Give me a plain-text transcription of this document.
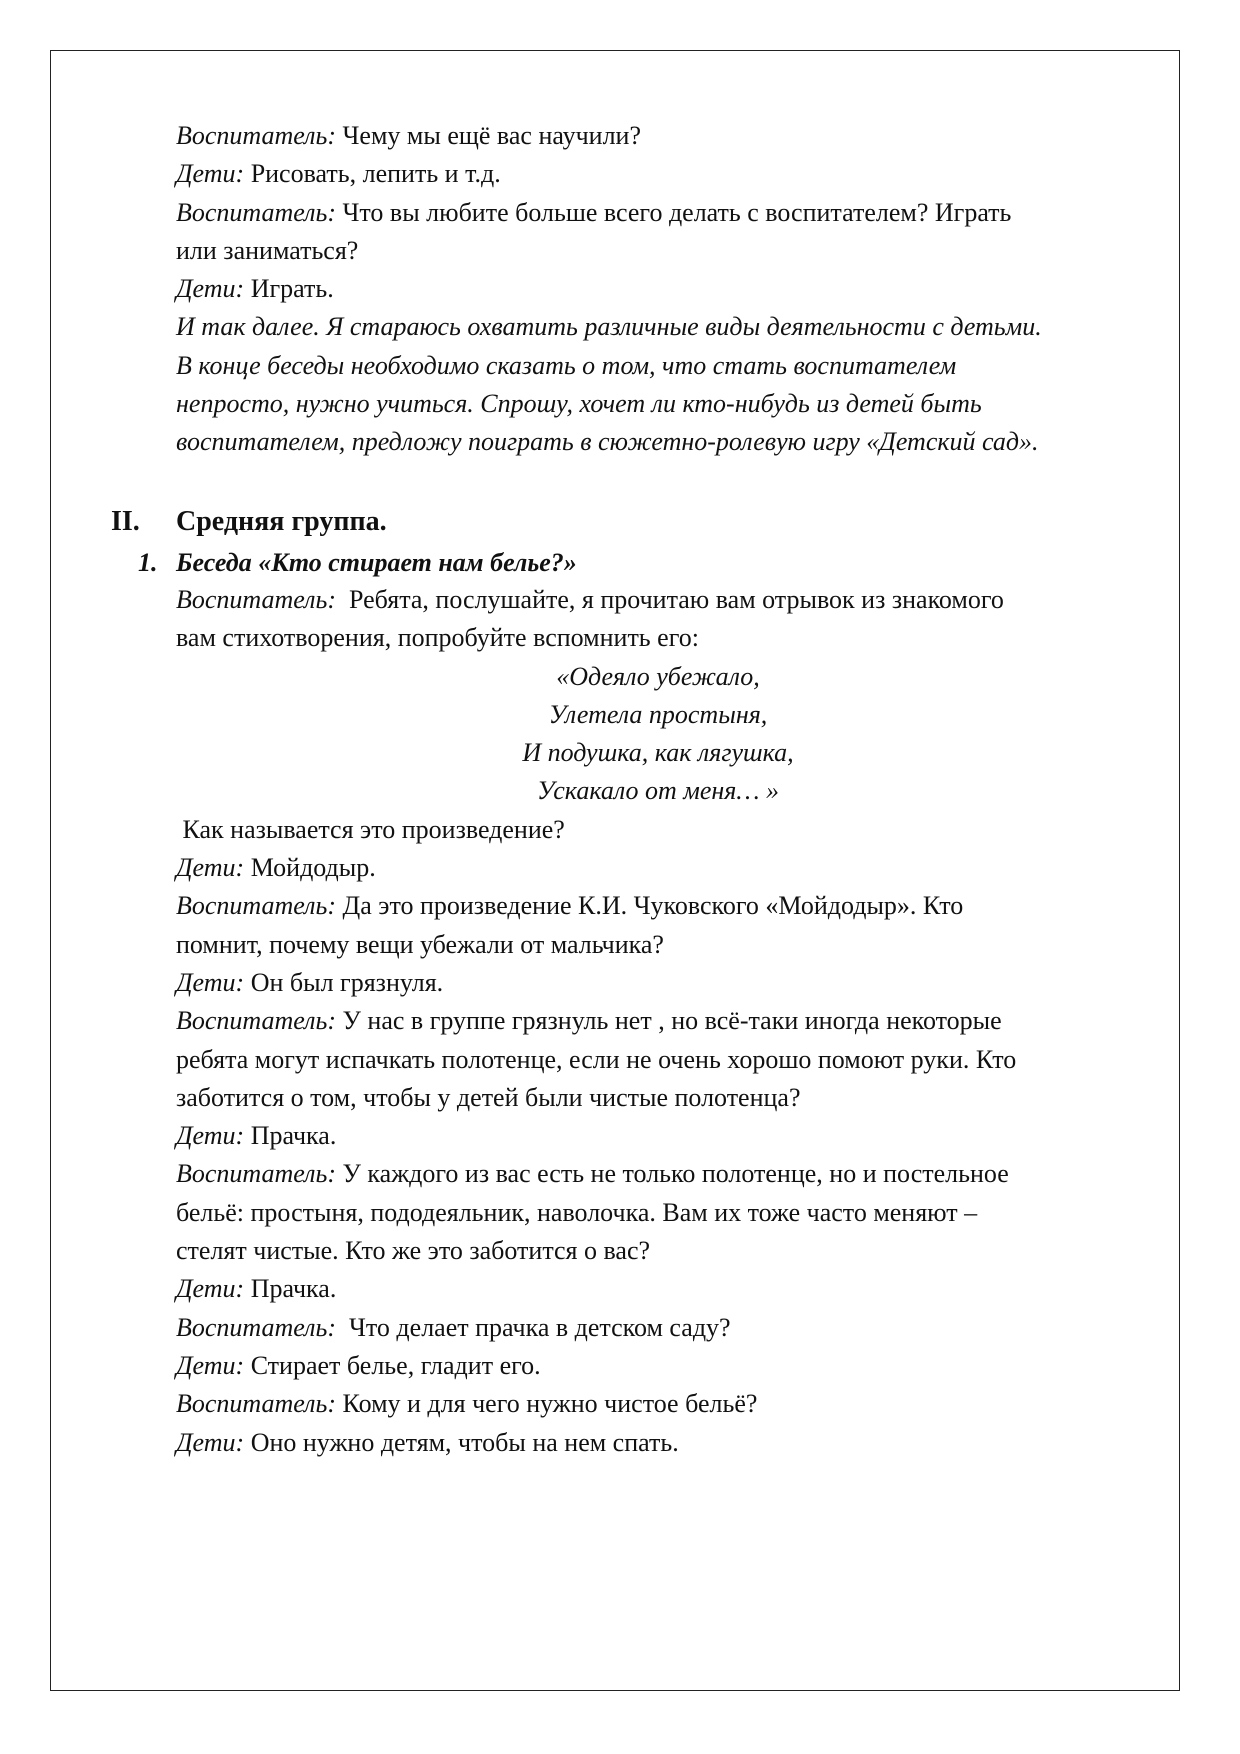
Воспитатель: Чему мы ещё вас научили?
Дети: Рисовать, лепить и т.д.
Воспитатель: Что вы любите больше всего делать с воспитателем? Играть
или заниматься?
Дети: Играть.
И так далее. Я стараюсь охватить различные виды деятельности с детьми.
В конце беседы необходимо сказать о том, что стать воспитателем
непросто, нужно учиться. Спрошу, хочет ли кто-нибудь из детей быть
воспитателем, предложу поиграть в сюжетно-ролевую игру «Детский сад».
II. Средняя группа.
1. Беседа «Кто стирает нам белье?»
Воспитатель:  Ребята, послушайте, я прочитаю вам отрывок из знакомого
вам стихотворения, попробуйте вспомнить его:
«Одеяло убежало,
Улетела простыня,
И подушка, как лягушка,
Ускакало от меня… »
Как называется это произведение?
Дети: Мойдодыр.
Воспитатель: Да это произведение К.И. Чуковского «Мойдодыр». Кто
помнит, почему вещи убежали от мальчика?
Дети: Он был грязнуля.
Воспитатель: У нас в группе грязнуль нет , но всё-таки иногда некоторые
ребята могут испачкать полотенце, если не очень хорошо помоют руки. Кто
заботится о том, чтобы у детей были чистые полотенца?
Дети: Прачка.
Воспитатель: У каждого из вас есть не только полотенце, но и постельное
бельё: простыня, пододеяльник, наволочка. Вам их тоже часто меняют –
стелят чистые. Кто же это заботится о вас?
Дети: Прачка.
Воспитатель:  Что делает прачка в детском саду?
Дети: Стирает белье, гладит его.
Воспитатель: Кому и для чего нужно чистое бельё?
Дети: Оно нужно детям, чтобы на нем спать.
